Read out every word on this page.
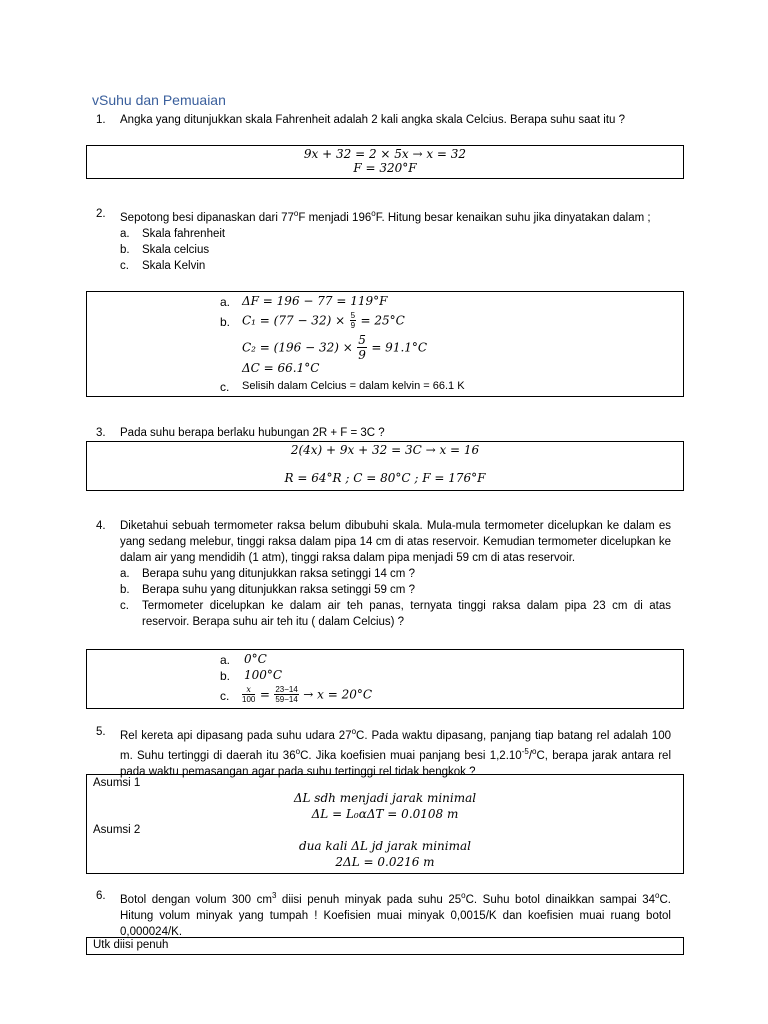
vSuhu dan Pemuaian
1.	Angka yang ditunjukkan skala Fahrenheit adalah 2 kali angka skala Celcius. Berapa suhu saat itu ?
9x + 32 = 2 × 5x → x = 32
F = 320°F
2.	Sepotong besi dipanaskan dari 77$^o$F menjadi 196$^o$F. Hitung besar kenaikan suhu jika dinyatakan dalam ;
a. Skala fahrenheit
b. Skala celcius
c. Skala Kelvin
a. ΔF = 196 − 77 = 119°F
b. $C_1 = (77 - 32) \times \frac{5}{9} = 25^\circ C$
$C_2 = (196 - 32) \times \frac{5}{9} = 91.1^\circ C$
ΔC = 66.1°C
c. Selisih dalam Celcius = dalam kelvin = 66.1 K
3.	Pada suhu berapa berlaku hubungan 2R + F = 3C ?
2(4x) + 9x + 32 = 3C → x = 16
R = 64°R ; C = 80°C ; F = 176°F
4.	Diketahui sebuah termometer raksa belum dibubuhi skala. Mula-mula termometer dicelupkan ke dalam es yang sedang melebur, tinggi raksa dalam pipa 14 cm di atas reservoir. Kemudian termometer dicelupkan ke dalam air yang mendidih (1 atm), tinggi raksa dalam pipa menjadi 59 cm di atas reservoir.
a. Berapa suhu yang ditunjukkan raksa setinggi 14 cm ?
b. Berapa suhu yang ditunjukkan raksa setinggi 59 cm ?
c. Termometer dicelupkan ke dalam air teh panas, ternyata tinggi raksa dalam pipa 23 cm di atas reservoir. Berapa suhu air teh itu ( dalam Celcius) ?
a. 0°C
b. 100°C
c. $\frac{x}{100} = \frac{23-14}{59-14} \to x = 20^\circ C$
5.	Rel kereta api dipasang pada suhu udara 27$^o$C. Pada waktu dipasang, panjang tiap batang rel adalah 100 m. Suhu tertinggi di daerah itu 36$^o$C. Jika koefisien muai panjang besi $1,2.10^{-5}/^oC$, berapa jarak antara rel pada waktu pemasangan agar pada suhu tertinggi rel tidak bengkok ?
Asumsi 1
ΔL sdh menjadi jarak minimal
ΔL = L₀αΔT = 0.0108 m
Asumsi 2
dua kali ΔL jd jarak minimal
2ΔL = 0.0216 m
6.	Botol dengan volum 300 $cm^3$ diisi penuh minyak pada suhu 25$^o$C. Suhu botol dinaikkan sampai 34$^o$C. Hitung volum minyak yang tumpah ! Koefisien muai minyak 0,0015/K dan koefisien muai ruang botol 0,000024/K.
Utk diisi penuh
